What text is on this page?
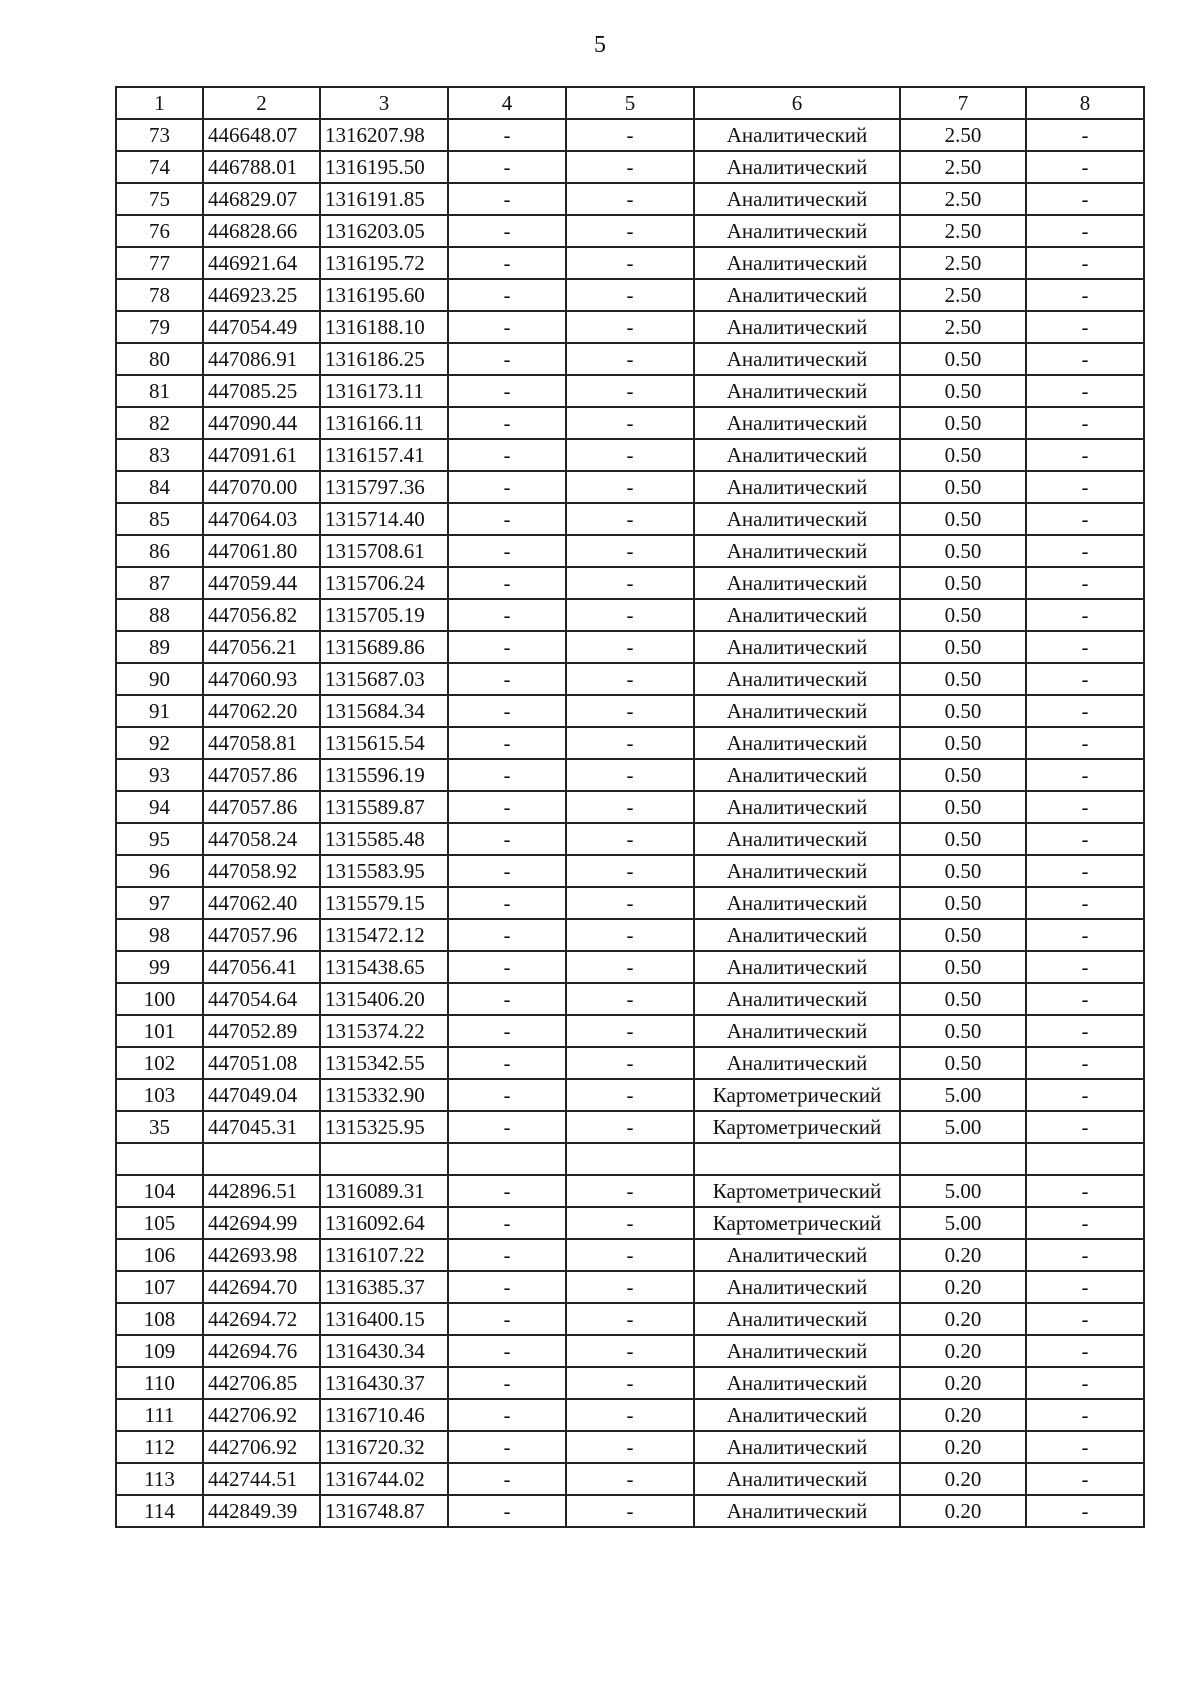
5
1	2	3	4	5	6	7	8
73	446648.07	1316207.98	-	-	Аналитический	2.50	-
74	446788.01	1316195.50	-	-	Аналитический	2.50	-
75	446829.07	1316191.85	-	-	Аналитический	2.50	-
76	446828.66	1316203.05	-	-	Аналитический	2.50	-
77	446921.64	1316195.72	-	-	Аналитический	2.50	-
78	446923.25	1316195.60	-	-	Аналитический	2.50	-
79	447054.49	1316188.10	-	-	Аналитический	2.50	-
80	447086.91	1316186.25	-	-	Аналитический	0.50	-
81	447085.25	1316173.11	-	-	Аналитический	0.50	-
82	447090.44	1316166.11	-	-	Аналитический	0.50	-
83	447091.61	1316157.41	-	-	Аналитический	0.50	-
84	447070.00	1315797.36	-	-	Аналитический	0.50	-
85	447064.03	1315714.40	-	-	Аналитический	0.50	-
86	447061.80	1315708.61	-	-	Аналитический	0.50	-
87	447059.44	1315706.24	-	-	Аналитический	0.50	-
88	447056.82	1315705.19	-	-	Аналитический	0.50	-
89	447056.21	1315689.86	-	-	Аналитический	0.50	-
90	447060.93	1315687.03	-	-	Аналитический	0.50	-
91	447062.20	1315684.34	-	-	Аналитический	0.50	-
92	447058.81	1315615.54	-	-	Аналитический	0.50	-
93	447057.86	1315596.19	-	-	Аналитический	0.50	-
94	447057.86	1315589.87	-	-	Аналитический	0.50	-
95	447058.24	1315585.48	-	-	Аналитический	0.50	-
96	447058.92	1315583.95	-	-	Аналитический	0.50	-
97	447062.40	1315579.15	-	-	Аналитический	0.50	-
98	447057.96	1315472.12	-	-	Аналитический	0.50	-
99	447056.41	1315438.65	-	-	Аналитический	0.50	-
100	447054.64	1315406.20	-	-	Аналитический	0.50	-
101	447052.89	1315374.22	-	-	Аналитический	0.50	-
102	447051.08	1315342.55	-	-	Аналитический	0.50	-
103	447049.04	1315332.90	-	-	Картометрический	5.00	-
35	447045.31	1315325.95	-	-	Картометрический	5.00	-

104	442896.51	1316089.31	-	-	Картометрический	5.00	-
105	442694.99	1316092.64	-	-	Картометрический	5.00	-
106	442693.98	1316107.22	-	-	Аналитический	0.20	-
107	442694.70	1316385.37	-	-	Аналитический	0.20	-
108	442694.72	1316400.15	-	-	Аналитический	0.20	-
109	442694.76	1316430.34	-	-	Аналитический	0.20	-
110	442706.85	1316430.37	-	-	Аналитический	0.20	-
111	442706.92	1316710.46	-	-	Аналитический	0.20	-
112	442706.92	1316720.32	-	-	Аналитический	0.20	-
113	442744.51	1316744.02	-	-	Аналитический	0.20	-
114	442849.39	1316748.87	-	-	Аналитический	0.20	-
